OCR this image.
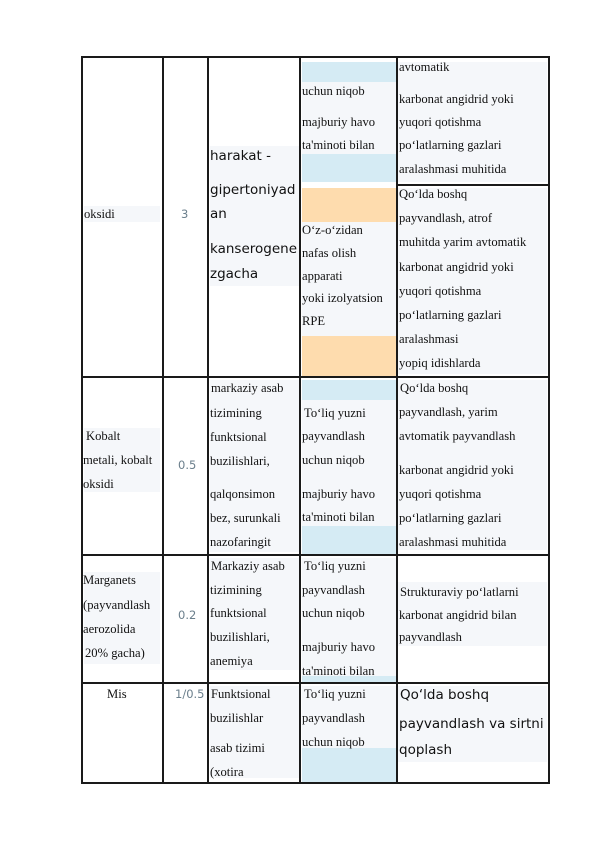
oksidi	3
harakat -
gipertoniyad
an
kanserogene
zgacha
uchun niqob
majburiy havo
ta'minoti bilan
avtomatik
karbonat angidrid yoki
yuqori qotishma
po‘latlarning gazlari
aralashmasi muhitida
O‘z-o‘zidan
nafas olish
apparati
yoki izolyatsion
RPE
Qo‘lda boshq
payvandlash, atrof
muhitda yarim avtomatik
karbonat angidrid yoki
yuqori qotishma
po‘latlarning gazlari
aralashmasi
yopiq idishlarda
Kobalt
metali, kobalt
oksidi
0.5
markaziy asab
tizimining
funktsional
buzilishlari,
qalqonsimon
bez, surunkali
nazofaringit
To‘liq yuzni
payvandlash
uchun niqob
majburiy havo
ta'minoti bilan
Qo‘lda boshq
payvandlash, yarim
avtomatik payvandlash
karbonat angidrid yoki
yuqori qotishma
po‘latlarning gazlari
aralashmasi muhitida
Marganets
(payvandlash
aerozolida
20% gacha)
0.2
Markaziy asab
tizimining
funktsional
buzilishlari,
anemiya
To‘liq yuzni
payvandlash
uchun niqob
majburiy havo
ta'minoti bilan
Strukturaviy po‘latlarni
karbonat angidrid bilan
payvandlash
Mis	1/0.5 Funktsional
buzilishlar
asab tizimi
(xotira
To‘liq yuzni
payvandlash
uchun niqob
Qo‘lda boshq
payvandlash va sirtni
qoplash
